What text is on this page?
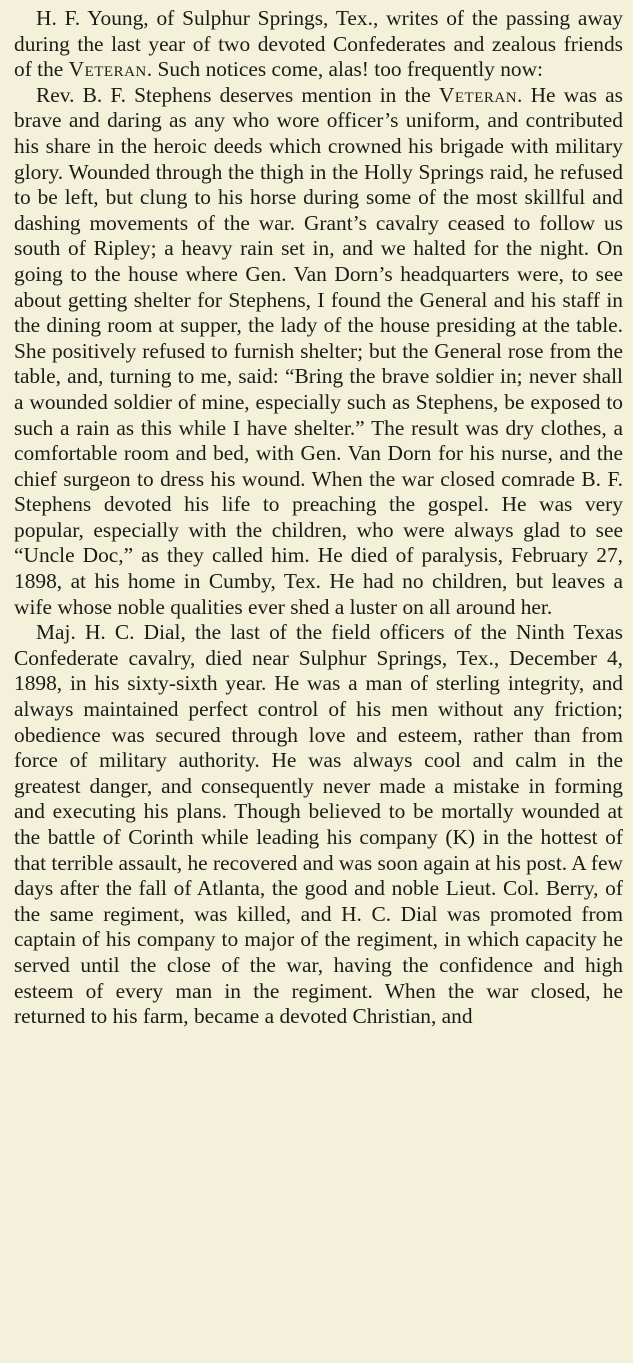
H. F. Young, of Sulphur Springs, Tex., writes of the passing away during the last year of two devoted Confederates and zealous friends of the Veteran. Such notices come, alas! too frequently now:

Rev. B. F. Stephens deserves mention in the Veteran. He was as brave and daring as any who wore officer’s uniform, and contributed his share in the heroic deeds which crowned his brigade with military glory. Wounded through the thigh in the Holly Springs raid, he refused to be left, but clung to his horse during some of the most skillful and dashing movements of the war. Grant’s cavalry ceased to follow us south of Ripley; a heavy rain set in, and we halted for the night. On going to the house where Gen. Van Dorn’s headquarters were, to see about getting shelter for Stephens, I found the General and his staff in the dining room at supper, the lady of the house presiding at the table. She positively refused to furnish shelter; but the General rose from the table, and, turning to me, said: “Bring the brave soldier in; never shall a wounded soldier of mine, especially such as Stephens, be exposed to such a rain as this while I have shelter.” The result was dry clothes, a comfortable room and bed, with Gen. Van Dorn for his nurse, and the chief surgeon to dress his wound. When the war closed comrade B. F. Stephens devoted his life to preaching the gospel. He was very popular, especially with the children, who were always glad to see “Uncle Doc,” as they called him. He died of paralysis, February 27, 1898, at his home in Cumby, Tex. He had no children, but leaves a wife whose noble qualities ever shed a luster on all around her.

Maj. H. C. Dial, the last of the field officers of the Ninth Texas Confederate cavalry, died near Sulphur Springs, Tex., December 4, 1898, in his sixty-sixth year. He was a man of sterling integrity, and always maintained perfect control of his men without any friction; obedience was secured through love and esteem, rather than from force of military authority. He was always cool and calm in the greatest danger, and consequently never made a mistake in forming and executing his plans. Though believed to be mortally wounded at the battle of Corinth while leading his company (K) in the hottest of that terrible assault, he recovered and was soon again at his post. A few days after the fall of Atlanta, the good and noble Lieut. Col. Berry, of the same regiment, was killed, and H. C. Dial was promoted from captain of his company to major of the regiment, in which capacity he served until the close of the war, having the confidence and high esteem of every man in the regiment. When the war closed, he returned to his farm, became a devoted Christian, and
